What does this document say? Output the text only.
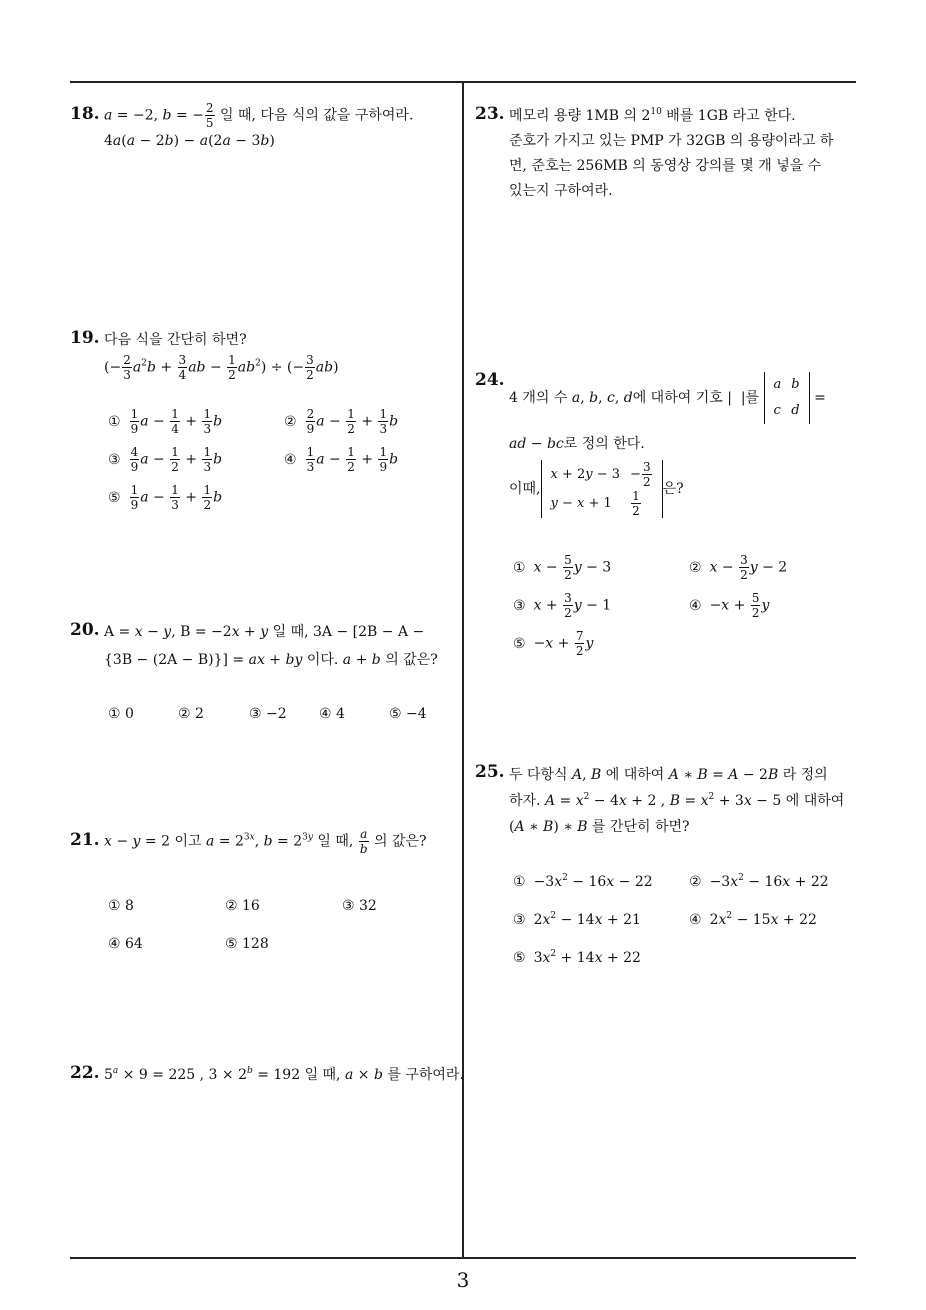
18. a = −2, b = − $\frac{2}{5}$ 일 때, 다음 식의 값을 구하여라.
4a(a − 2b) − a(2a − 3b)
19. 다음 식을 간단히 하면?
(− $\frac{2}{3} a^2b + \frac{3}{4}$ ab − $\frac{1}{2} ab^2$) ÷ (− $\frac{3}{2} ab$)
① $\frac{1}{9}$ $a - \frac{1}{4} + \frac{1}{3}$ b	② $\frac{2}{9}$ $a - \frac{1}{2} + \frac{1}{3}$ b
③ $\frac{4}{9}$ $a - \frac{1}{2} + \frac{1}{3}$ b	④ $\frac{1}{3}$ $a - \frac{1}{2} + \frac{1}{9}$ b
⑤ $\frac{1}{9}$ $a - \frac{1}{3} + \frac{1}{2}$ b
20. A = x − y, B = −2x + y 일 때, 3A − [2B − A −
{3B − (2A − B)}] = ax + by 이다. a + b 의 값은?
① 0	② 2	③ −2 ④ 4	⑤ −4
21. x − y = 2 이고 $a = 2^{3x}$, $b = 2^{3y}$ 일 때, $\frac{a}{b}$ 의 값은?
① 8	② 16	③ 32
④ 64	⑤ 128
22. $5^a \times 9 = 225$ , $3 \times 2^b = 192$ 일 때, a × b 를 구하여라.
23. 메모리 용량 1MB 의 $2^{10}$ 배를 1GB 라고 한다.
준호가 가지고 있는 PMP 가 32GB 의 용량이라고 하
면, 준호는 256MB 의 동영상 강의를 몇 개 넣을 수
있는지 구하여라.
24.
4 개의 수 a, b, c, d에 대하여 기호 |  |를
a	b
c	d
=
ad − bc로 정의 한다.
이때,
x + 2y − 3	− $\frac{3}{2}$

y − x + 1	$\frac{1}{2}$
은?
① $x - \frac{5}{2}$ y − 3	② $x - \frac{3}{2}$ y − 2
③ $x + \frac{3}{2}$ y − 1	④ $-x + \frac{5}{2}$ y
⑤ $-x + \frac{7}{2}$ y
25. 두 다항식 A, B 에 대하여 A ∗ B = A − 2B 라 정의
하자. $A = x^2 - 4x + 2$ , $B = x^2 + 3x - 5$ 에 대하여
(A ∗ B) ∗ B 를 간단히 하면?
① $-3x^2 - 16x - 22$	② $-3x^2 - 16x + 22$
③ $2x^2 - 14x + 21$	④ $2x^2 - 15x + 22$
⑤ $3x^2 + 14x + 22$
3
